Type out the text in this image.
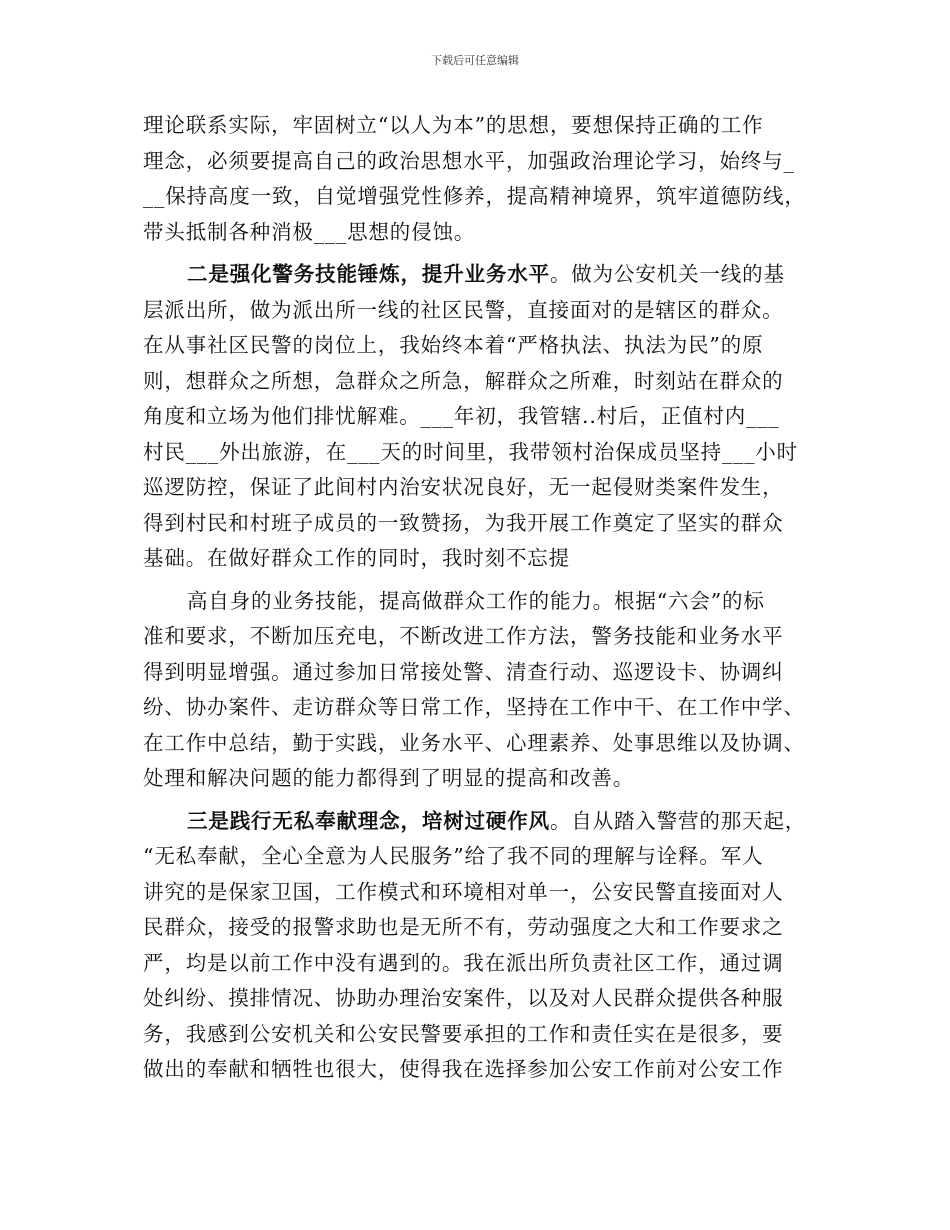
下载后可任意编辑
理论联系实际，牢固树立“以人为本”的思想，要想保持正确的工作
理念，必须要提高自己的政治思想水平，加强政治理论学习，始终与_
__保持高度一致，自觉增强党性修养，提高精神境界，筑牢道德防线，
带头抵制各种消极___思想的侵蚀。
二是强化警务技能锤炼，提升业务水平。做为公安机关一线的基
层派出所，做为派出所一线的社区民警，直接面对的是辖区的群众。
在从事社区民警的岗位上，我始终本着“严格执法、执法为民”的原
则，想群众之所想，急群众之所急，解群众之所难，时刻站在群众的
角度和立场为他们排忧解难。___年初，我管辖..村后，正值村内___
村民___外出旅游，在___天的时间里，我带领村治保成员坚持___小时
巡逻防控，保证了此间村内治安状况良好，无一起侵财类案件发生，
得到村民和村班子成员的一致赞扬，为我开展工作奠定了坚实的群众
基础。在做好群众工作的同时，我时刻不忘提
高自身的业务技能，提高做群众工作的能力。根据“六会”的标
准和要求，不断加压充电，不断改进工作方法，警务技能和业务水平
得到明显增强。通过参加日常接处警、清查行动、巡逻设卡、协调纠
纷、协办案件、走访群众等日常工作，坚持在工作中干、在工作中学、
在工作中总结，勤于实践，业务水平、心理素养、处事思维以及协调、
处理和解决问题的能力都得到了明显的提高和改善。
三是践行无私奉献理念，培树过硬作风。自从踏入警营的那天起，
“无私奉献，全心全意为人民服务”给了我不同的理解与诠释。军人
讲究的是保家卫国，工作模式和环境相对单一，公安民警直接面对人
民群众，接受的报警求助也是无所不有，劳动强度之大和工作要求之
严，均是以前工作中没有遇到的。我在派出所负责社区工作，通过调
处纠纷、摸排情况、协助办理治安案件，以及对人民群众提供各种服
务，我感到公安机关和公安民警要承担的工作和责任实在是很多，要
做出的奉献和牺牲也很大，使得我在选择参加公安工作前对公安工作
